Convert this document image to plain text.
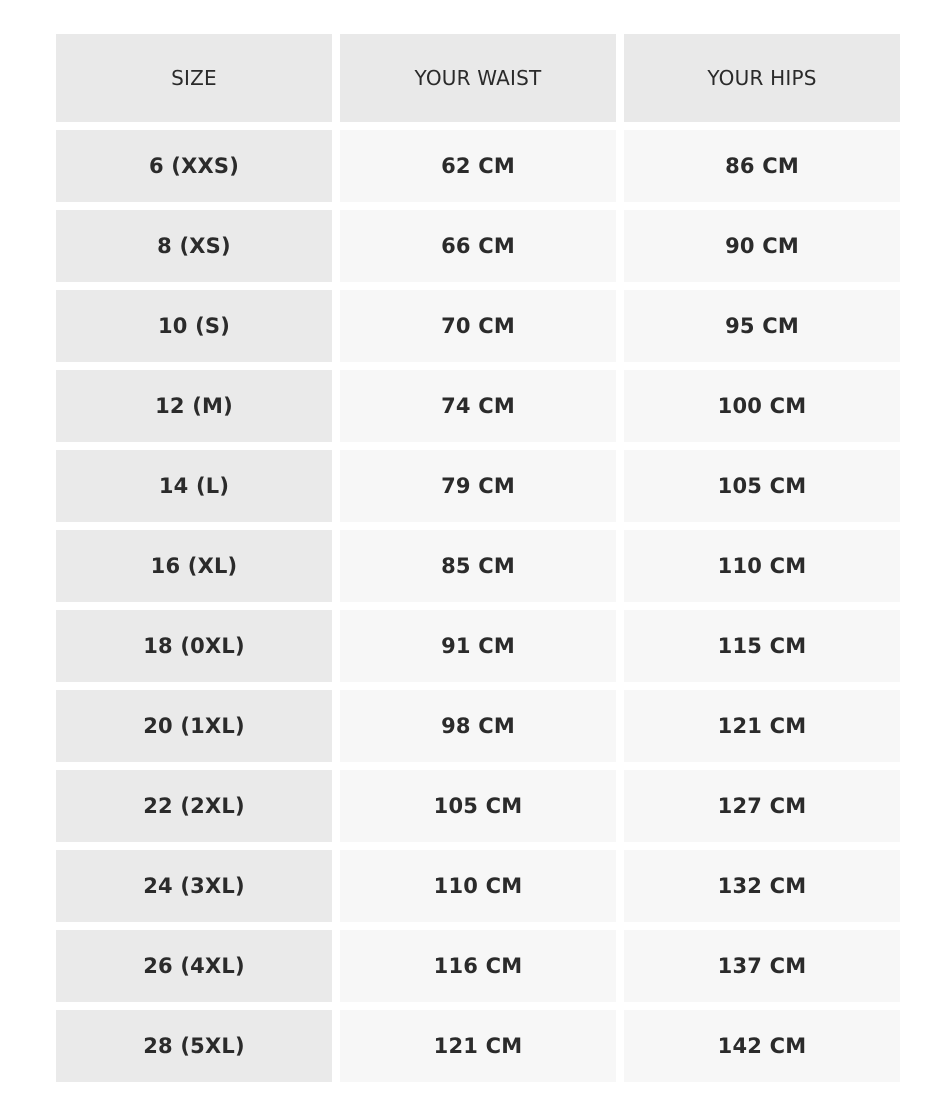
SIZE	YOUR WAIST	YOUR HIPS
6 (XXS)	62 CM	86 CM
8 (XS)	66 CM	90 CM
10 (S)	70 CM	95 CM
12 (M)	74 CM	100 CM
14 (L)	79 CM	105 CM
16 (XL)	85 CM	110 CM
18 (0XL)	91 CM	115 CM
20 (1XL)	98 CM	121 CM
22 (2XL)	105 CM	127 CM
24 (3XL)	110 CM	132 CM
26 (4XL)	116 CM	137 CM
28 (5XL)	121 CM	142 CM
